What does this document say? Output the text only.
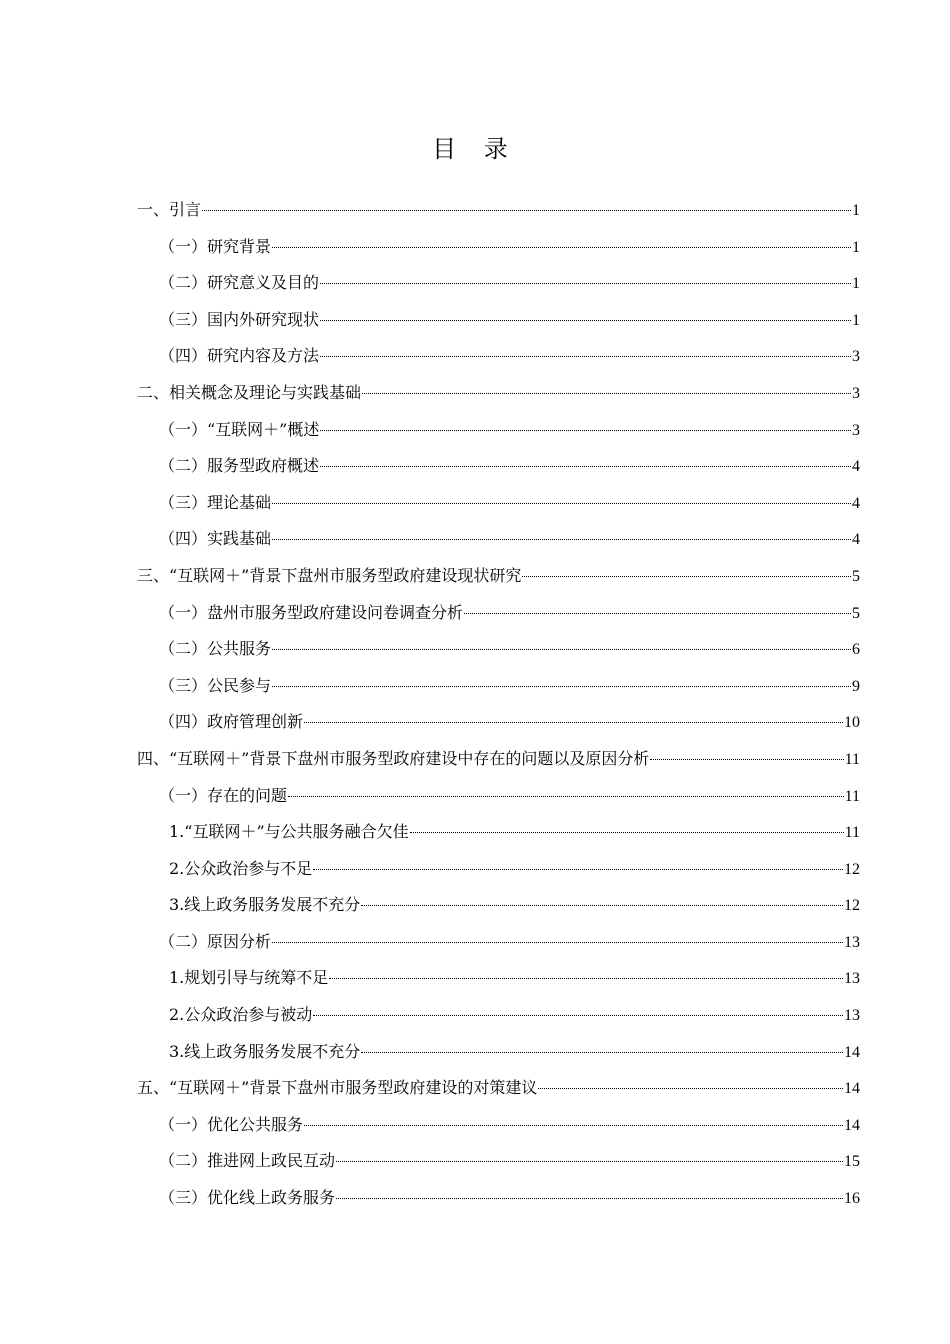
目 录
一、引言	1
（一）研究背景	1
（二）研究意义及目的	1
（三）国内外研究现状	1
（四）研究内容及方法	3
二、相关概念及理论与实践基础	3
（一）“互联网＋”概述	3
（二）服务型政府概述	4
（三）理论基础	4
（四）实践基础	4
三、“互联网＋”背景下盘州市服务型政府建设现状研究	5
（一）盘州市服务型政府建设问卷调查分析	5
（二）公共服务	6
（三）公民参与	9
（四）政府管理创新	10
四、“互联网＋”背景下盘州市服务型政府建设中存在的问题以及原因分析	11
（一）存在的问题	11
1.“互联网＋”与公共服务融合欠佳	11
2.公众政治参与不足	12
3.线上政务服务发展不充分	12
（二）原因分析	13
1.规划引导与统筹不足	13
2.公众政治参与被动	13
3.线上政务服务发展不充分	14
五、“互联网＋”背景下盘州市服务型政府建设的对策建议	14
（一）优化公共服务	14
（二）推进网上政民互动	15
（三）优化线上政务服务	16
